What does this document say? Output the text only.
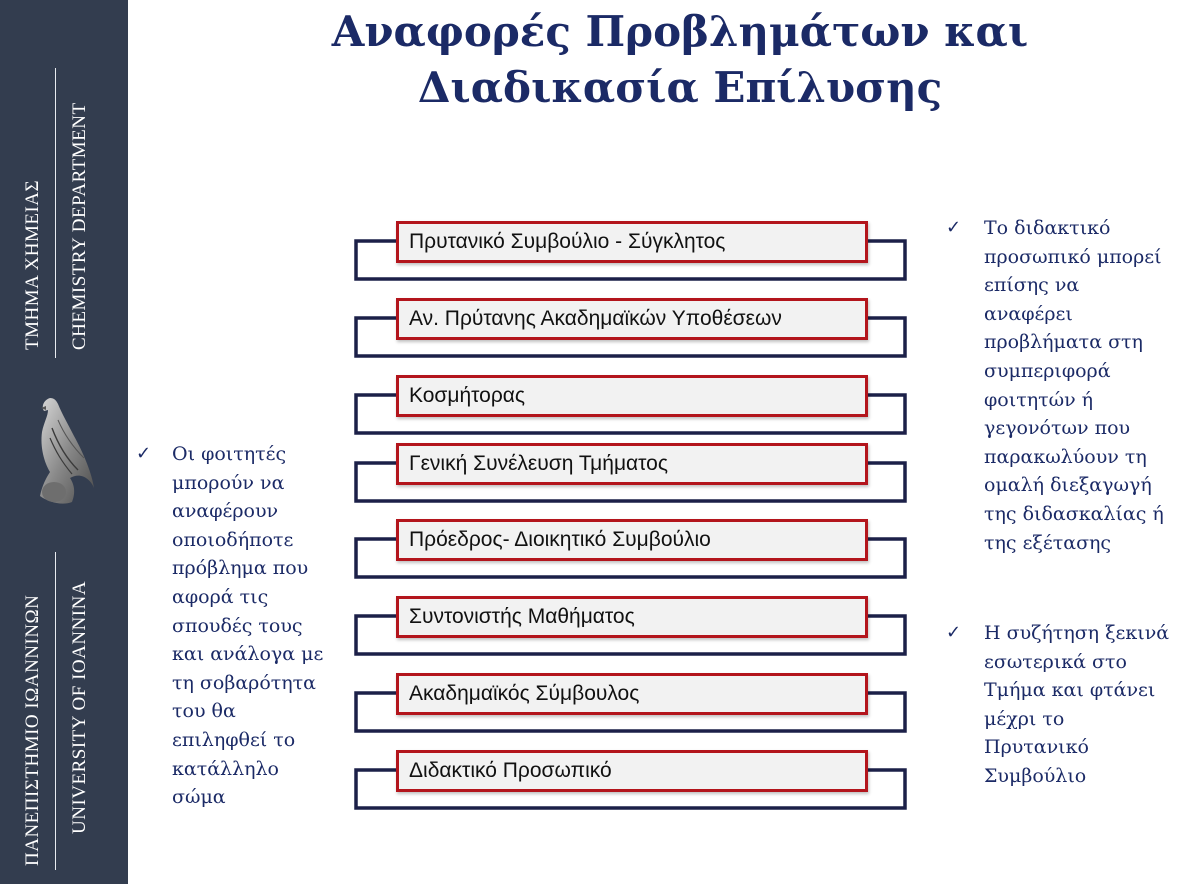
ΤΜΗΜΑ ΧΗΜΕΙΑΣ CHEMISTRY DEPARTMENT
ΠΑΝΕΠΙΣΤΗΜΙΟ ΙΩΑΝΝΙΝΩΝ UNIVERSITY OF IOANNINA
Αναφορές Προβλημάτων και
Διαδικασία Επίλυσης
Πρυτανικό Συμβούλιο - Σύγκλητος
Αν. Πρύτανης Ακαδημαϊκών Υποθέσεων
Κοσμήτορας
Γενική Συνέλευση Τμήματος
Πρόεδρος- Διοικητικό Συμβούλιο
Συντονιστής Μαθήματος
Ακαδημαϊκός Σύμβουλος
Διδακτικό Προσωπικό
✓ Οι φοιτητές
μπορούν να
αναφέρουν
οποιοδήποτε
πρόβλημα που
αφορά τις
σπουδές τους
και ανάλογα με
τη σοβαρότητα
του θα
επιληφθεί το
κατάλληλο
σώμα
✓ Το διδακτικό
προσωπικό μπορεί
επίσης να
αναφέρει
προβλήματα στη
συμπεριφορά
φοιτητών ή
γεγονότων που
παρακωλύουν τη
ομαλή διεξαγωγή
της διδασκαλίας ή
της εξέτασης
✓ Η συζήτηση ξεκινά
εσωτερικά στο
Τμήμα και φτάνει
μέχρι το
Πρυτανικό
Συμβούλιο
